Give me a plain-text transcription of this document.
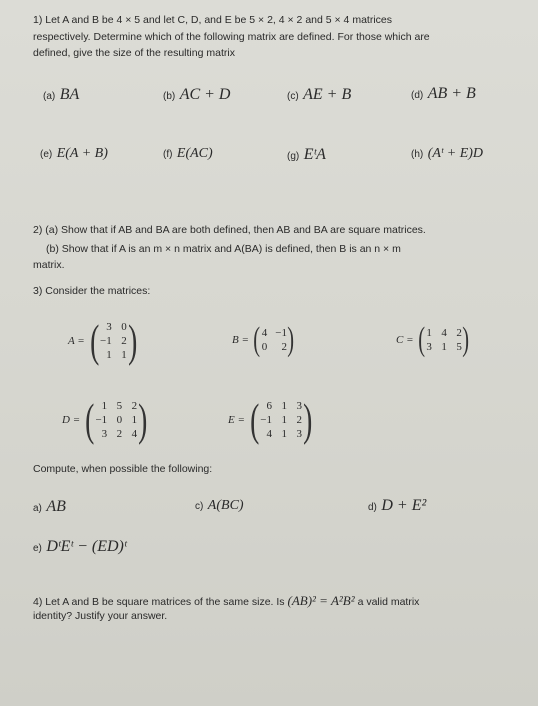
1) Let A and B be 4 × 5 and let C, D, and E be 5 × 2, 4 × 2 and 5 × 4 matrices
respectively. Determine which of the following matrix are defined. For those which are
defined, give the size of the resulting matrix
(a) BA	(b) AC + D	(c) AE + B	(d) AB + B
(e) E(A + B)	(f) E(AC)	(g) EᵗA	(h) (Aᵗ + E)D
2) (a) Show that if AB and BA are both defined, then AB and BA are square matrices.
(b) Show that if A is an m × n matrix and A(BA) is defined, then B is an n × m
matrix.
3) Consider the matrices:
A = ( 3 0
−1 2
1 1 )	B = ( 4 −1
0	2 )	C = ( 1 4 2
3 1 5 )
D = ( 1 5 2
−1 0 1
3 2 4 )	E = ( 6 1 3
−1 1 2
4 1 3 )
Compute, when possible the following:
a) AB	c) A(BC)	d) D + E²
e) DᵗEᵗ − (ED)ᵗ
4) Let A and B be square matrices of the same size. Is (AB)² = A²B² a valid matrix
identity? Justify your answer.
